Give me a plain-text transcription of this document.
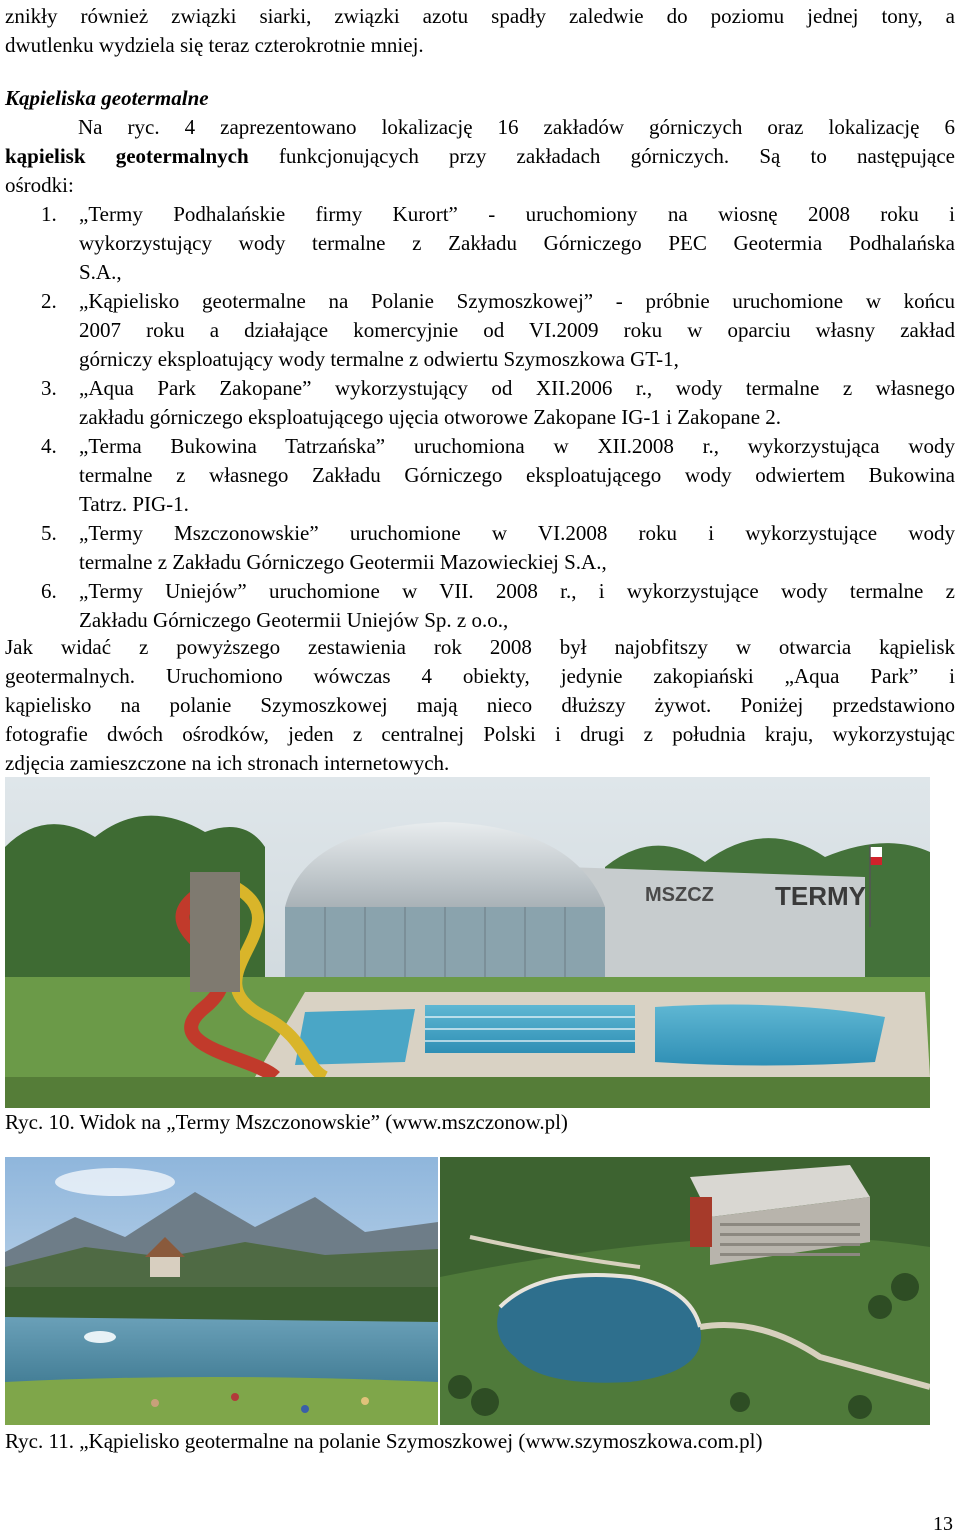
znikły również związki siarki, związki azotu spadły zaledwie do poziomu jednej tony, a

dwutlenku wydziela się teraz czterokrotnie mniej.

Kąpieliska geotermalne

Na ryc. 4 zaprezentowano lokalizację 16 zakładów górniczych oraz lokalizację 6

kąpielisk geotermalnych funkcjonujących przy zakładach górniczych. Są to następujące

ośrodki:

1. „Termy Podhalańskie firmy Kurort” - uruchomiony na wiosnę 2008 roku i
wykorzystujący wody termalne z Zakładu Górniczego PEC Geotermia Podhalańska
S.A.,
2. „Kąpielisko geotermalne na Polanie Szymoszkowej” - próbnie uruchomione w końcu
2007 roku a działające komercyjnie od VI.2009 roku w oparciu własny zakład
górniczy eksploatujący wody termalne z odwiertu Szymoszkowa GT-1,
3. „Aqua Park Zakopane” wykorzystujący od XII.2006 r., wody termalne z własnego
zakładu górniczego eksploatującego ujęcia otworowe Zakopane IG-1 i Zakopane 2.
4. „Terma Bukowina Tatrzańska” uruchomiona w XII.2008 r., wykorzystująca wody
termalne z własnego Zakładu Górniczego eksploatującego wody odwiertem Bukowina
Tatrz. PIG-1.
5. „Termy Mszczonowskie” uruchomione w VI.2008 roku i wykorzystujące wody
termalne z Zakładu Górniczego Geotermii Mazowieckiej S.A.,
6. „Termy Uniejów” uruchomione w VII. 2008 r., i wykorzystujące wody termalne z
Zakładu Górniczego Geotermii Uniejów Sp. z o.o.,

Jak widać z powyższego zestawienia rok 2008 był najobfitszy w otwarcia kąpielisk

geotermalnych. Uruchomiono wówczas 4 obiekty, jedynie zakopiański „Aqua Park” i

kąpielisko na polanie Szymoszkowej mają nieco dłuższy żywot. Poniżej przedstawiono

fotografie dwóch ośrodków, jeden z centralnej Polski i drugi z południa kraju, wykorzystując

zdjęcia zamieszczone na ich stronach internetowych.

MSZCZ TERMY

Ryc. 10. Widok na „Termy Mszczonowskie” (www.mszczonow.pl)

Ryc. 11. „Kąpielisko geotermalne na polanie Szymoszkowej (www.szymoszkowa.com.pl)

13
